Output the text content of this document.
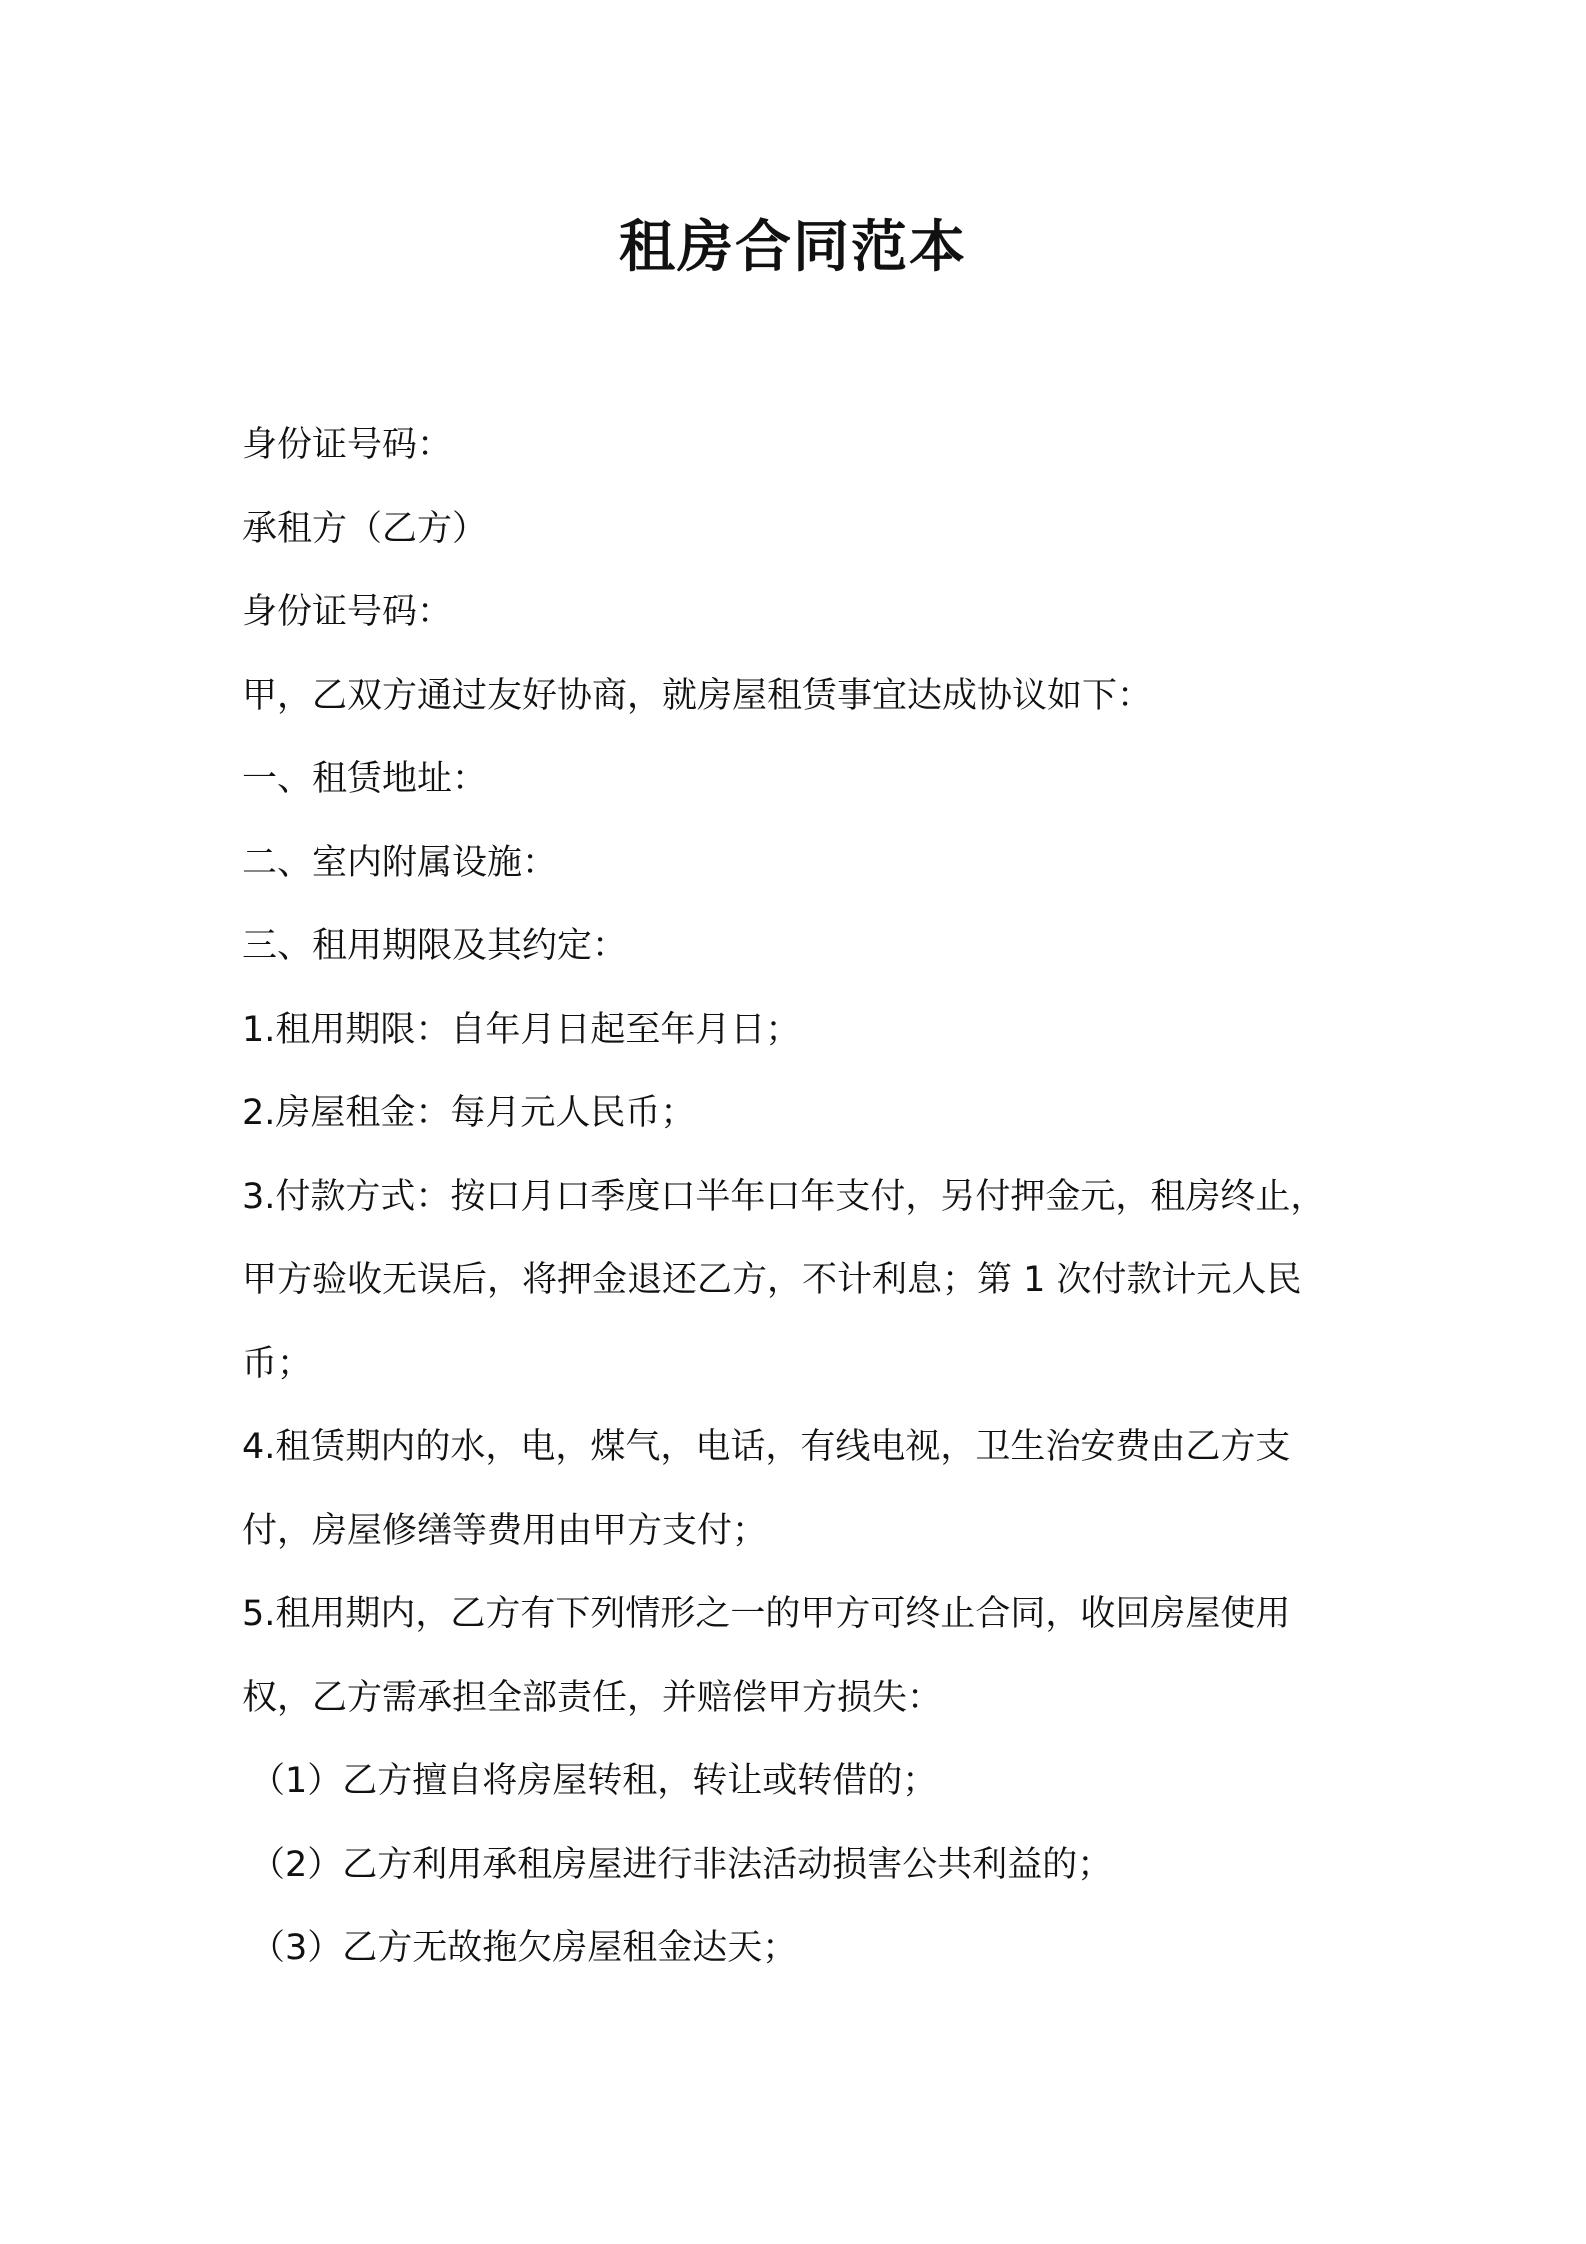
租房合同范本

身份证号码：

承租方（乙方）

身份证号码：

甲，乙双方通过友好协商，就房屋租赁事宜达成协议如下：

一、租赁地址：

二、室内附属设施：

三、租用期限及其约定：

1.租用期限：自年月日起至年月日；

2.房屋租金：每月元人民币；

3.付款方式：按口月口季度口半年口年支付，另付押金元，租房终止，

甲方验收无误后，将押金退还乙方，不计利息；第 1 次付款计元人民

币；

4.租赁期内的水，电，煤气，电话，有线电视，卫生治安费由乙方支

付，房屋修缮等费用由甲方支付；

5.租用期内，乙方有下列情形之一的甲方可终止合同，收回房屋使用

权，乙方需承担全部责任，并赔偿甲方损失：

（1）乙方擅自将房屋转租，转让或转借的；

（2）乙方利用承租房屋进行非法活动损害公共利益的；

（3）乙方无故拖欠房屋租金达天；
